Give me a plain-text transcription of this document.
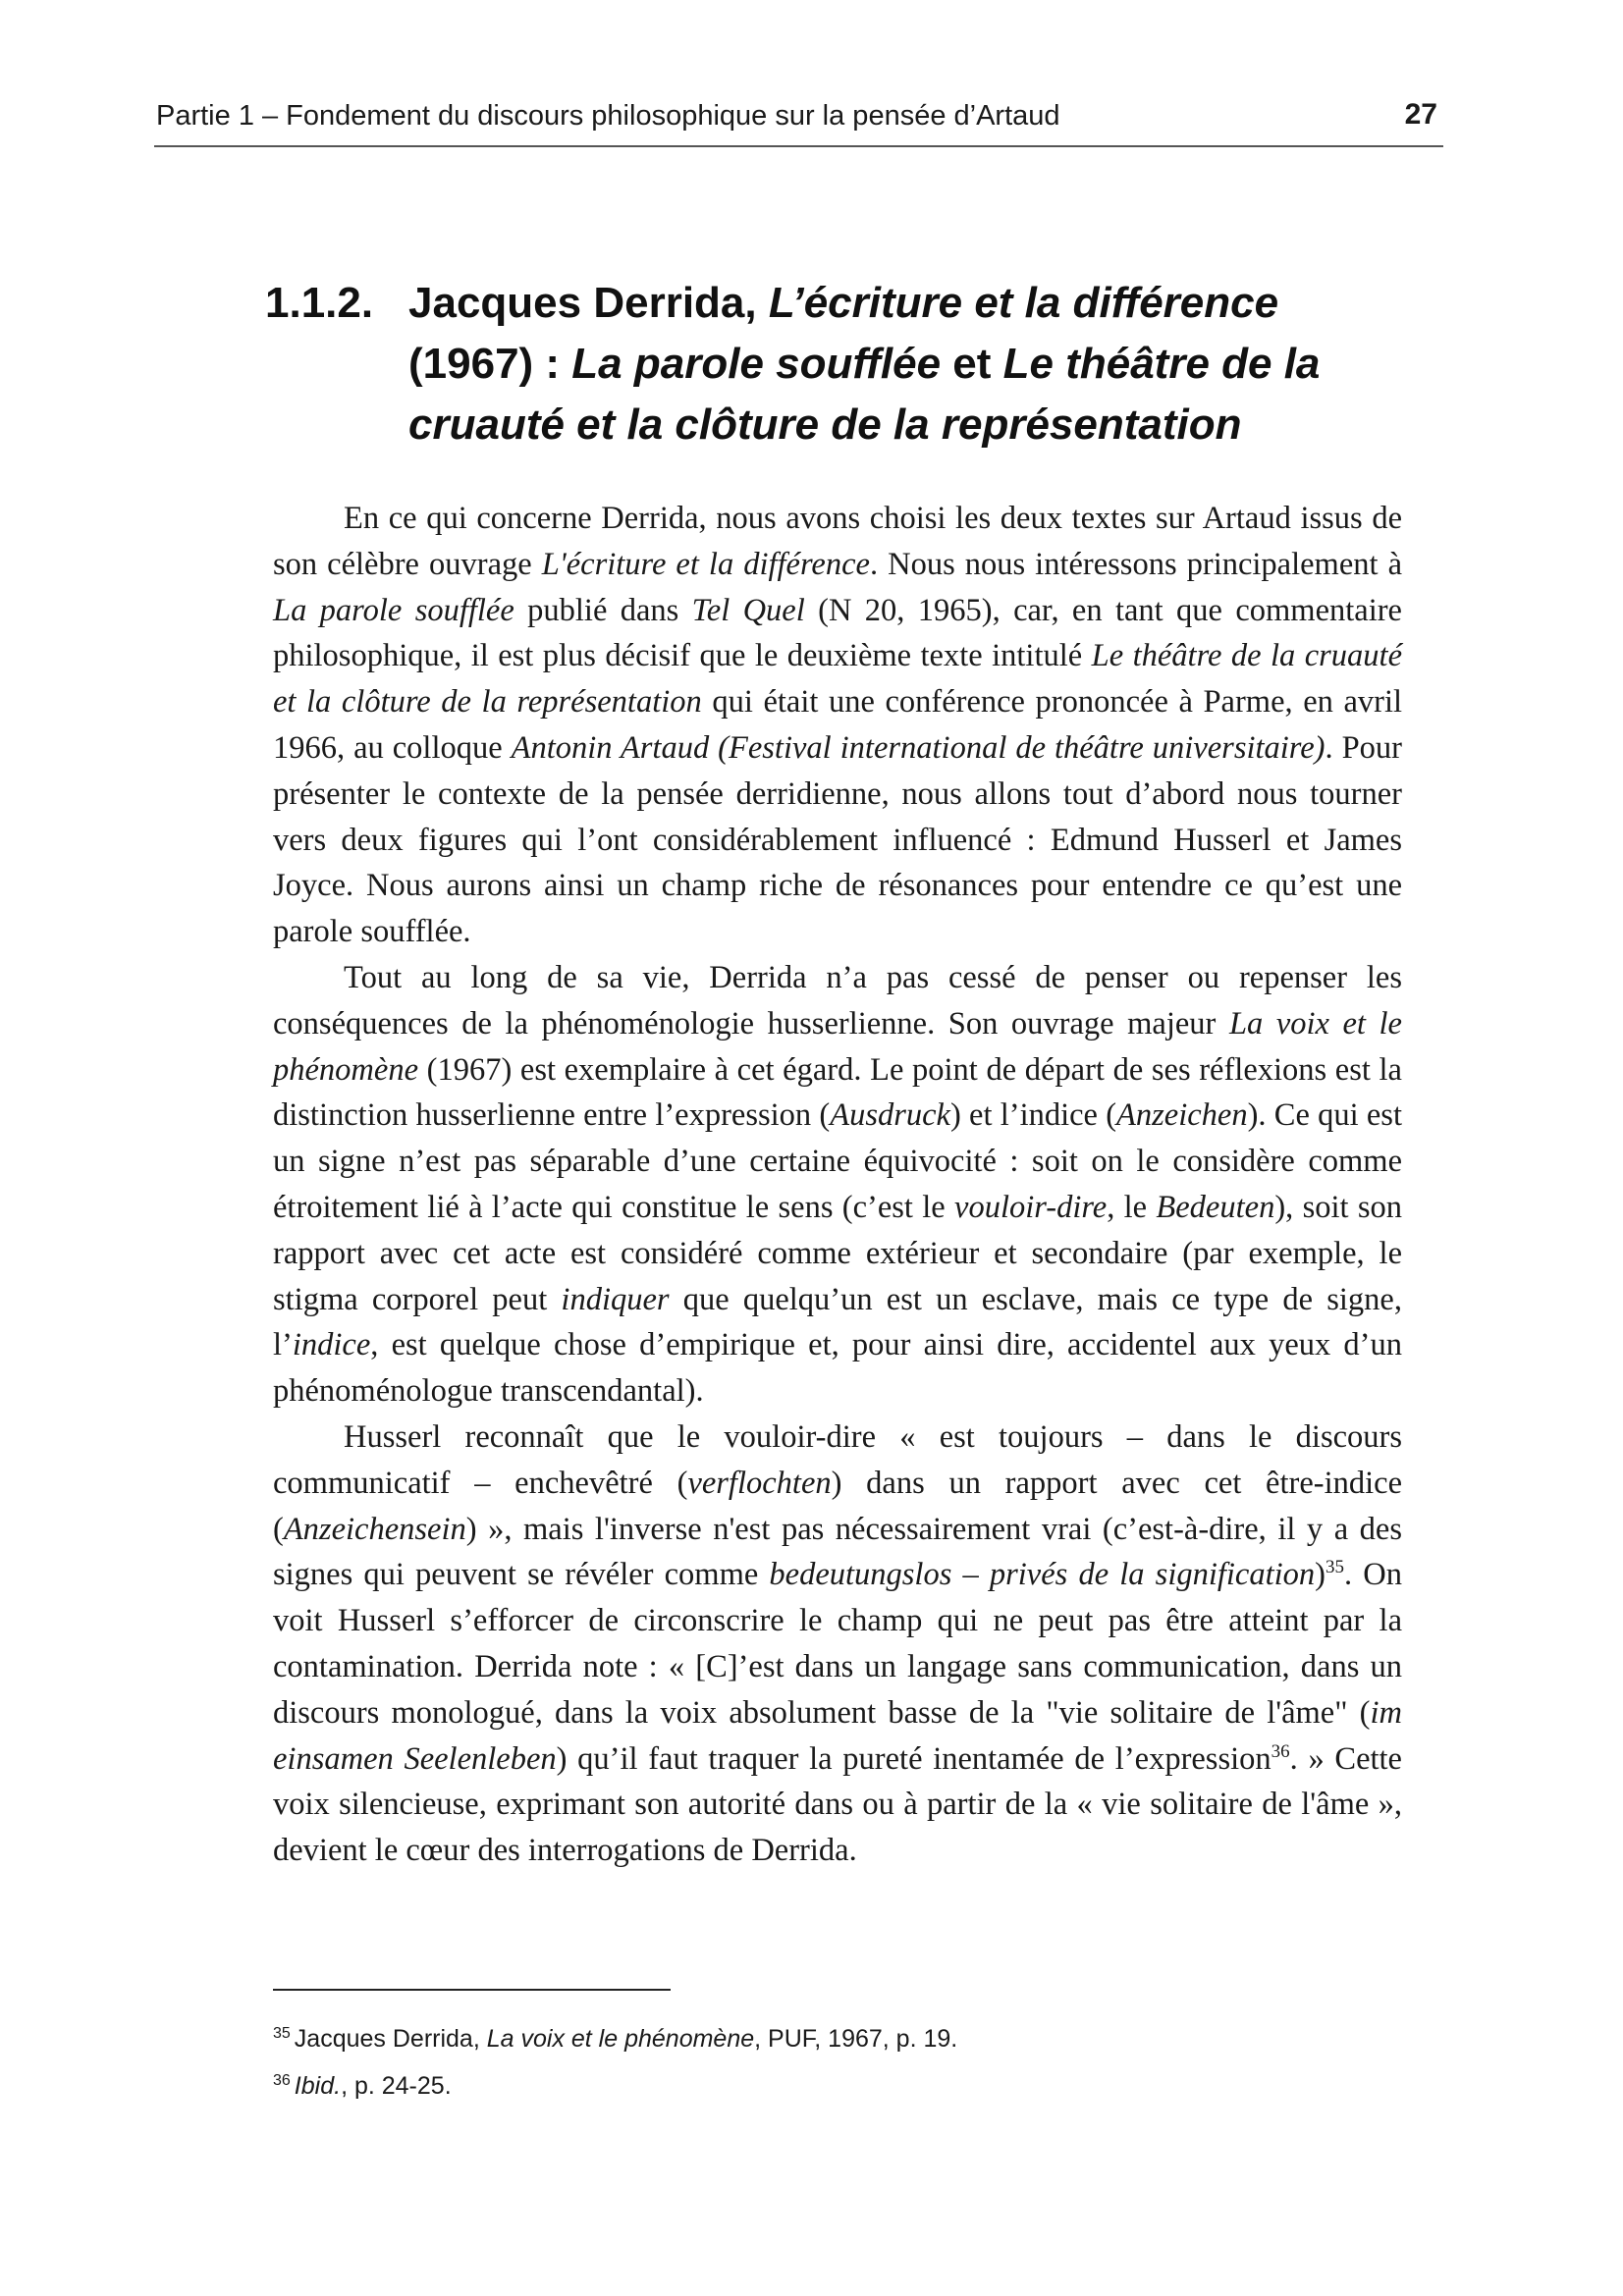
Partie 1 – Fondement du discours philosophique sur la pensée d’Artaud	27
1.1.2. Jacques Derrida, L’écriture et la différence
(1967) : La parole soufflée et Le théâtre de la
cruauté et la clôture de la représentation

En ce qui concerne Derrida, nous avons choisi les deux textes sur Artaud issus de son célèbre ouvrage L'écriture et la différence. Nous nous intéressons principalement à La parole soufflée publié dans Tel Quel (N 20, 1965), car, en tant que commentaire philosophique, il est plus décisif que le deuxième texte intitulé Le théâtre de la cruauté et la clôture de la représentation qui était une conférence prononcée à Parme, en avril 1966, au colloque Antonin Artaud (Festival international de théâtre universitaire). Pour présenter le contexte de la pensée derridienne, nous allons tout d’abord nous tourner vers deux figures qui l’ont considérablement influencé : Edmund Husserl et James Joyce. Nous aurons ainsi un champ riche de résonances pour entendre ce qu’est une parole soufflée.

Tout au long de sa vie, Derrida n’a pas cessé de penser ou repenser les conséquences de la phénoménologie husserlienne. Son ouvrage majeur La voix et le phénomène (1967) est exemplaire à cet égard. Le point de départ de ses réflexions est la distinction husserlienne entre l’expression (Ausdruck) et l’indice (Anzeichen). Ce qui est un signe n’est pas séparable d’une certaine équivocité : soit on le considère comme étroitement lié à l’acte qui constitue le sens (c’est le vouloir-dire, le Bedeuten), soit son rapport avec cet acte est considéré comme extérieur et secondaire (par exemple, le stigma corporel peut indiquer que quelqu’un est un esclave, mais ce type de signe, l’indice, est quelque chose d’empirique et, pour ainsi dire, accidentel aux yeux d’un phénoménologue transcendantal).

Husserl reconnaît que le vouloir-dire « est toujours – dans le discours communicatif – enchevêtré (verflochten) dans un rapport avec cet être-indice (Anzeichensein) », mais l'inverse n'est pas nécessairement vrai (c’est-à-dire, il y a des signes qui peuvent se révéler comme bedeutungslos – privés de la signification)$^{35}$. On voit Husserl s’efforcer de circonscrire le champ qui ne peut pas être atteint par la contamination. Derrida note : « [C]’est dans un langage sans communication, dans un discours monologué, dans la voix absolument basse de la "vie solitaire de l'âme" (im einsamen Seelenleben) qu’il faut traquer la pureté inentamée de l’expression$^{36}$. » Cette voix silencieuse, exprimant son autorité dans ou à partir de la « vie solitaire de l'âme », devient le cœur des interrogations de Derrida.

$^{35}$ Jacques Derrida, La voix et le phénomène, PUF, 1967, p. 19.

$^{36}$ Ibid., p. 24-25.
